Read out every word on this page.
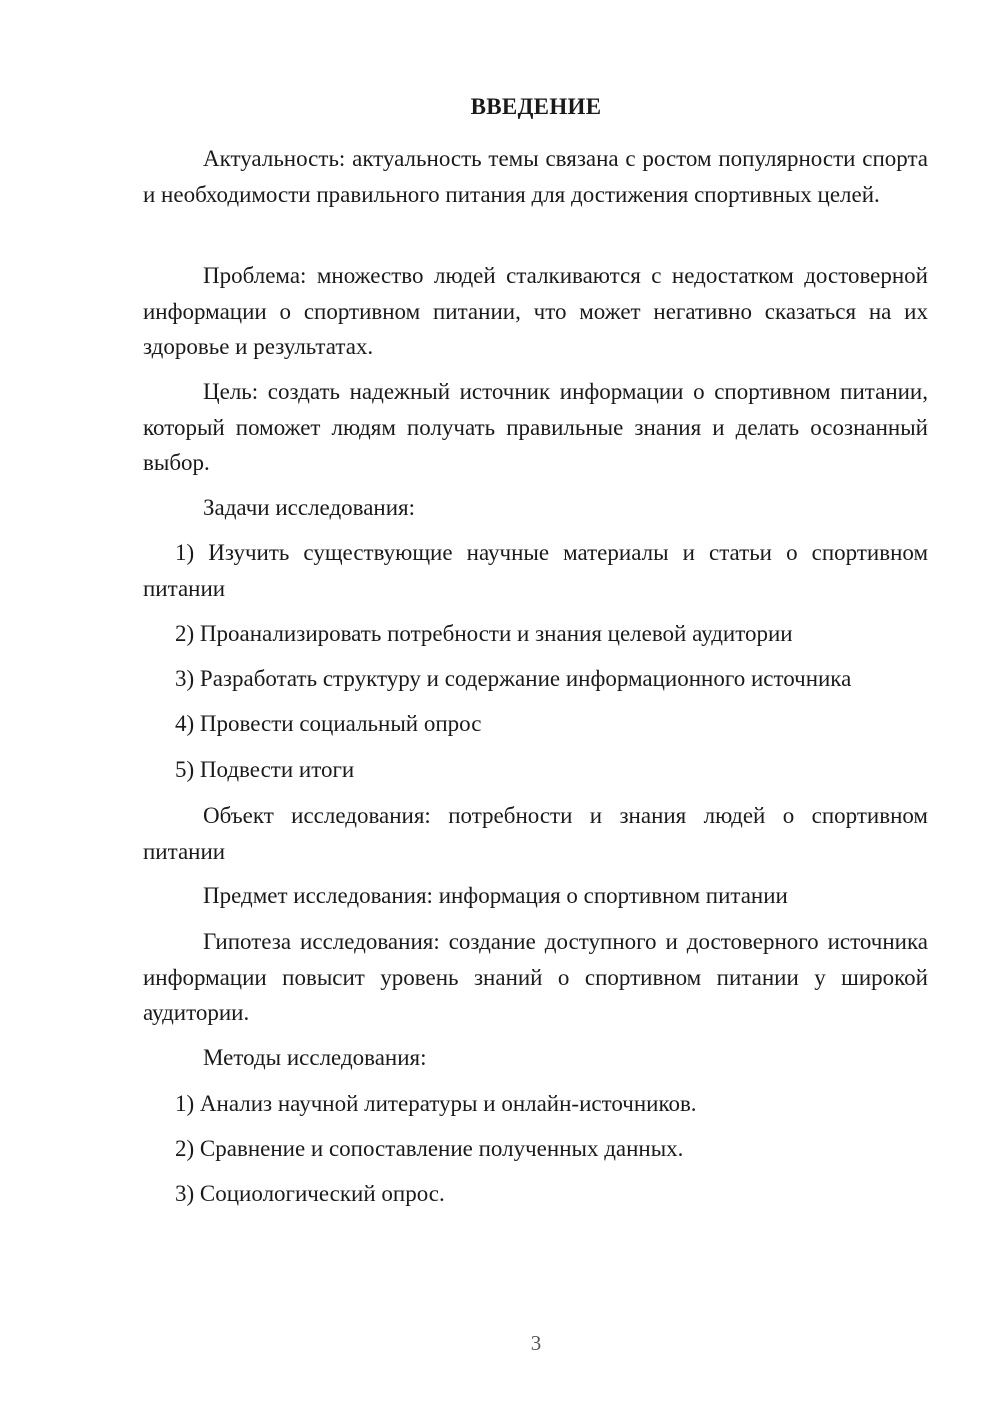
ВВЕДЕНИЕ

Актуальность: актуальность темы связана с ростом популярности спорта и необходимости правильного питания для достижения спортивных целей.

Проблема: множество людей сталкиваются с недостатком достоверной информации о спортивном питании, что может негативно сказаться на их здоровье и результатах.

Цель: создать надежный источник информации о спортивном питании, который поможет людям получать правильные знания и делать осознанный выбор.

Задачи исследования:

1) Изучить существующие научные материалы и статьи о спортивном питании

2) Проанализировать потребности и знания целевой аудитории

3) Разработать структуру и содержание информационного источника

4) Провести социальный опрос

5) Подвести итоги

Объект исследования: потребности и знания людей о спортивном питании

Предмет исследования: информация о спортивном питании

Гипотеза исследования: создание доступного и достоверного источника информации повысит уровень знаний о спортивном питании у широкой аудитории.

Методы исследования:

1) Анализ научной литературы и онлайн-источников.

2) Сравнение и сопоставление полученных данных.

3) Социологический опрос.

3
